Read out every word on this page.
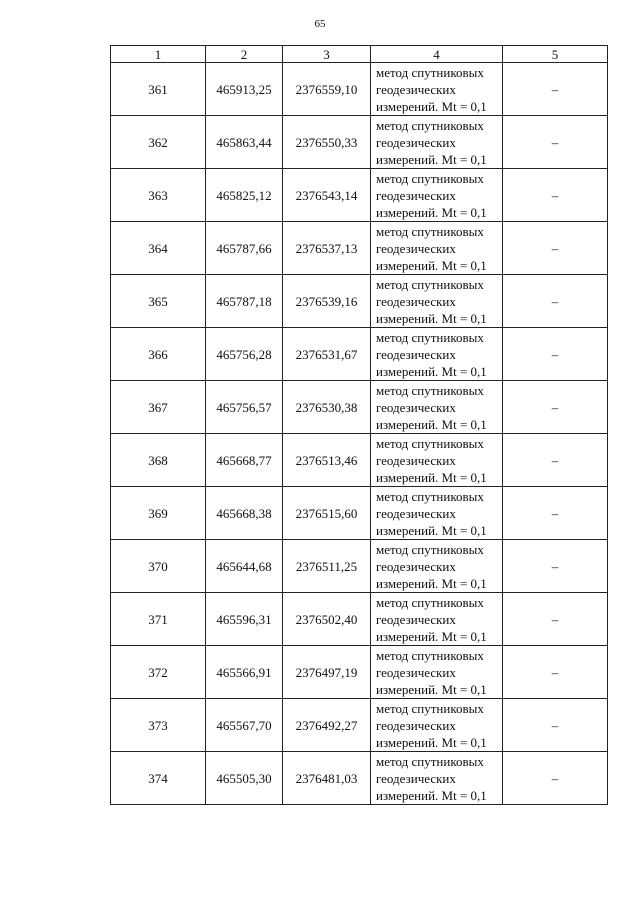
65
1	2	3	4	5
361	465913,25	2376559,10	метод спутниковых
геодезических
измерений. Mt = 0,1	–
362	465863,44	2376550,33	метод спутниковых
геодезических
измерений. Mt = 0,1	–
363	465825,12	2376543,14	метод спутниковых
геодезических
измерений. Mt = 0,1	–
364	465787,66	2376537,13	метод спутниковых
геодезических
измерений. Mt = 0,1	–
365	465787,18	2376539,16	метод спутниковых
геодезических
измерений. Mt = 0,1	–
366	465756,28	2376531,67	метод спутниковых
геодезических
измерений. Mt = 0,1	–
367	465756,57	2376530,38	метод спутниковых
геодезических
измерений. Mt = 0,1	–
368	465668,77	2376513,46	метод спутниковых
геодезических
измерений. Mt = 0,1	–
369	465668,38	2376515,60	метод спутниковых
геодезических
измерений. Mt = 0,1	–
370	465644,68	2376511,25	метод спутниковых
геодезических
измерений. Mt = 0,1	–
371	465596,31	2376502,40	метод спутниковых
геодезических
измерений. Mt = 0,1	–
372	465566,91	2376497,19	метод спутниковых
геодезических
измерений. Mt = 0,1	–
373	465567,70	2376492,27	метод спутниковых
геодезических
измерений. Mt = 0,1	–
374	465505,30	2376481,03	метод спутниковых
геодезических
измерений. Mt = 0,1	–
